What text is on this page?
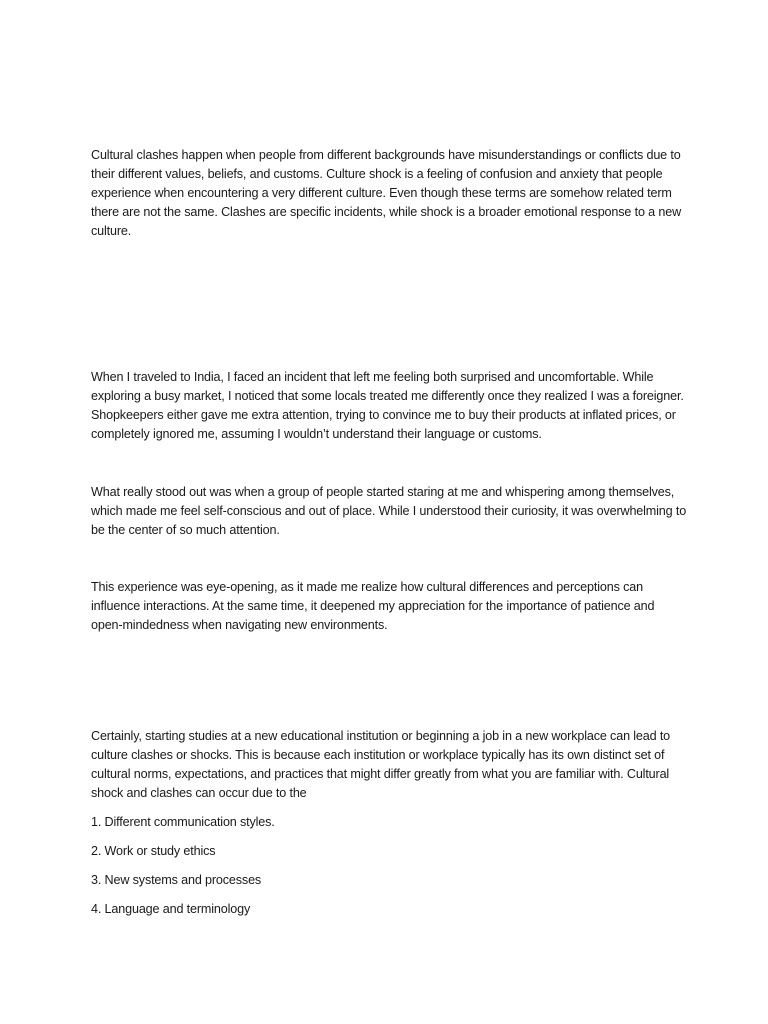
Cultural clashes happen when people from different backgrounds have misunderstandings or conflicts due to their different values, beliefs, and customs. Culture shock is a feeling of confusion and anxiety that people experience when encountering a very different culture. Even though these terms are somehow related term there are not the same. Clashes are specific incidents, while shock is a broader emotional response to a new culture.

When I traveled to India, I faced an incident that left me feeling both surprised and uncomfortable. While exploring a busy market, I noticed that some locals treated me differently once they realized I was a foreigner. Shopkeepers either gave me extra attention, trying to convince me to buy their products at inflated prices, or completely ignored me, assuming I wouldn’t understand their language or customs.

What really stood out was when a group of people started staring at me and whispering among themselves, which made me feel self-conscious and out of place. While I understood their curiosity, it was overwhelming to be the center of so much attention.

This experience was eye-opening, as it made me realize how cultural differences and perceptions can influence interactions. At the same time, it deepened my appreciation for the importance of patience and open-mindedness when navigating new environments.

Certainly, starting studies at a new educational institution or beginning a job in a new workplace can lead to culture clashes or shocks. This is because each institution or workplace typically has its own distinct set of cultural norms, expectations, and practices that might differ greatly from what you are familiar with. Cultural shock and clashes can occur due to the

1. Different communication styles.

2. Work or study ethics

3. New systems and processes

4. Language and terminology
